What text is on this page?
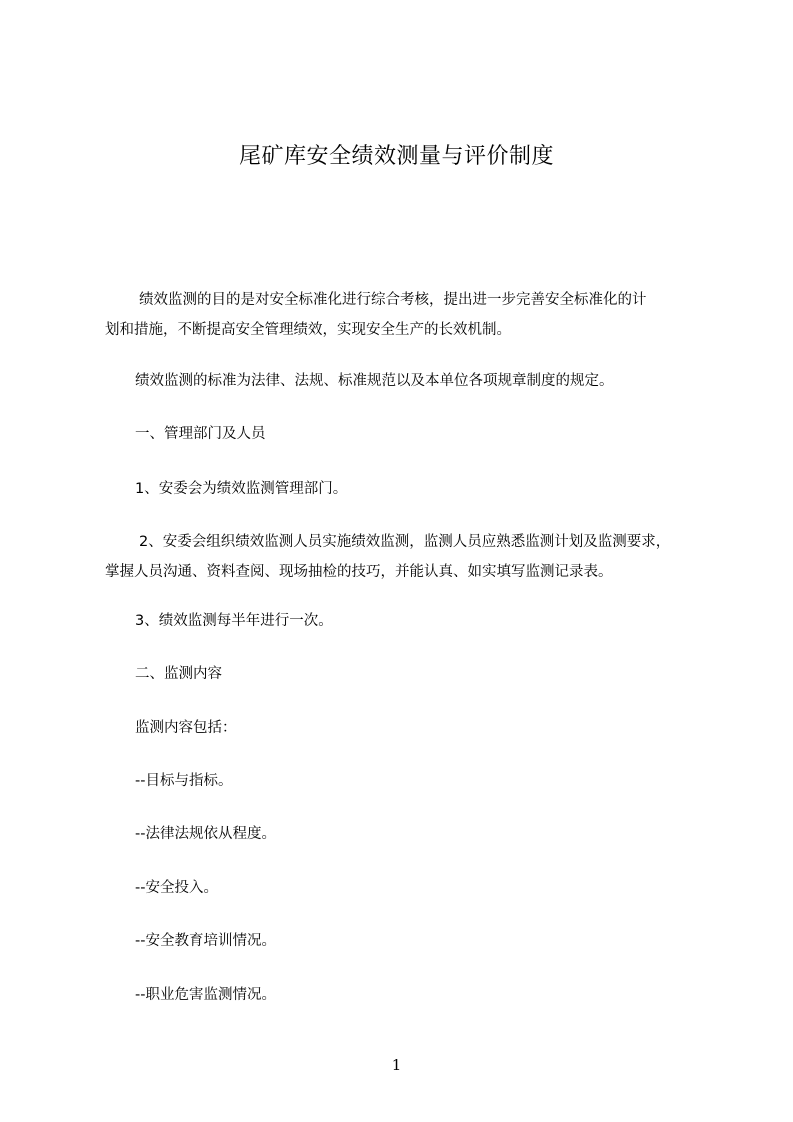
尾矿库安全绩效测量与评价制度
绩效监测的目的是对安全标准化进行综合考核，提出进一步完善安全标准化的计
划和措施，不断提高安全管理绩效，实现安全生产的长效机制。
绩效监测的标准为法律、法规、标准规范以及本单位各项规章制度的规定。
一、管理部门及人员
1、安委会为绩效监测管理部门。
2、安委会组织绩效监测人员实施绩效监测，监测人员应熟悉监测计划及监测要求，
掌握人员沟通、资料查阅、现场抽检的技巧，并能认真、如实填写监测记录表。
3、绩效监测每半年进行一次。
二、监测内容
监测内容包括：
--目标与指标。
--法律法规依从程度。
--安全投入。
--安全教育培训情况。
--职业危害监测情况。
1
